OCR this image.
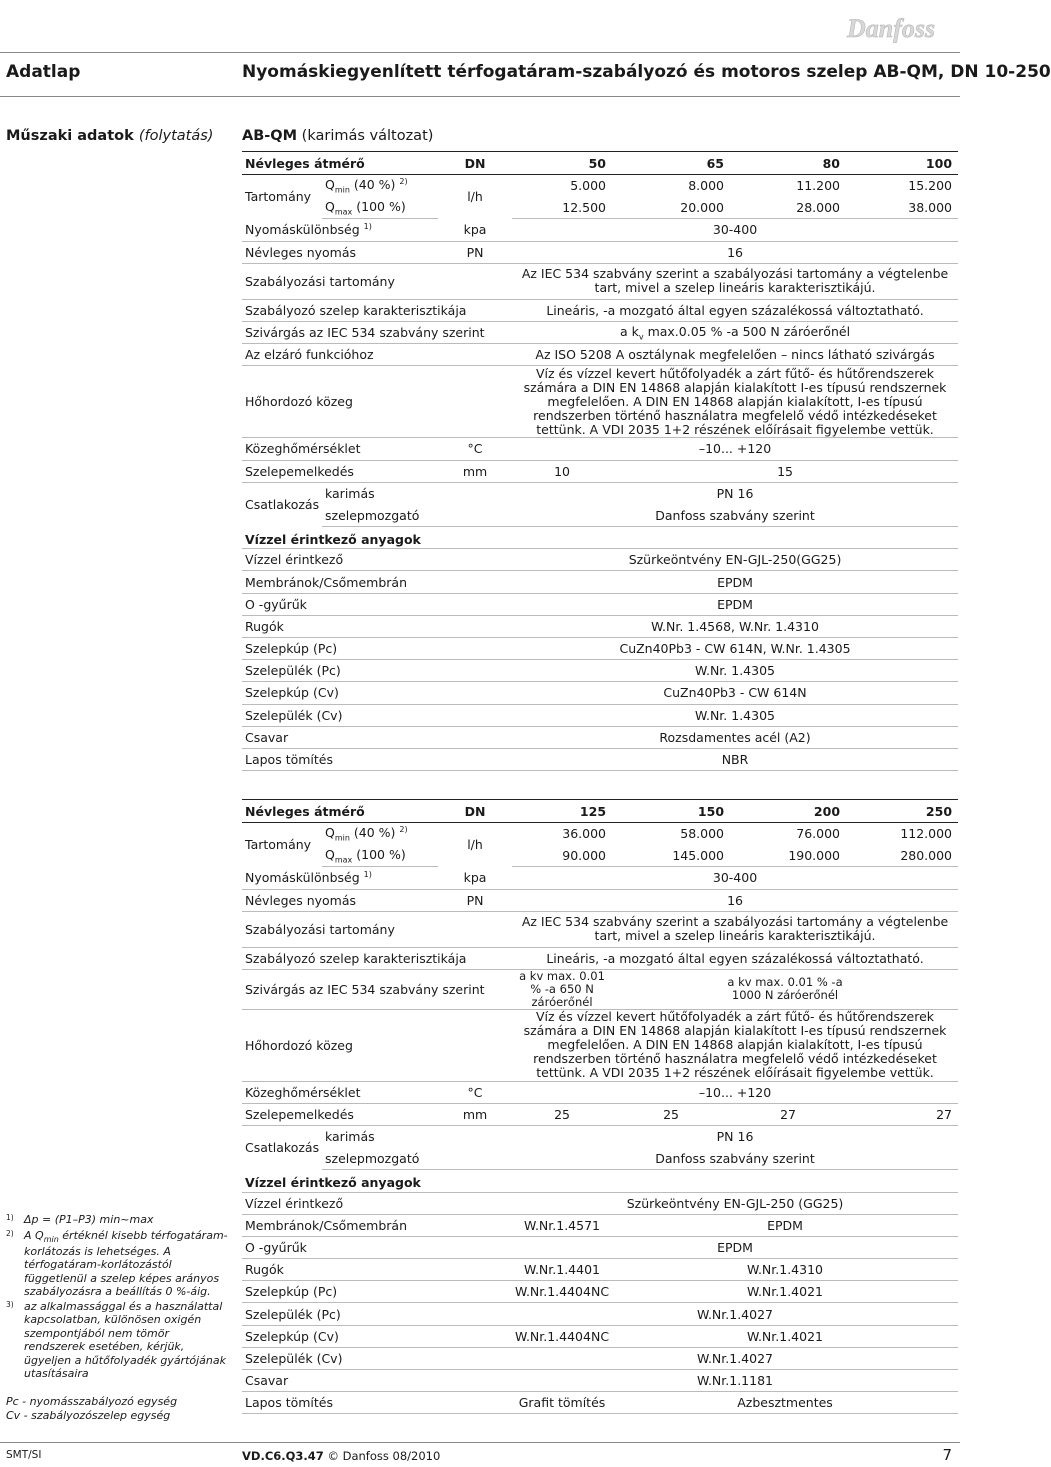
Danfoss
Adatlap	Nyomáskiegyenlített térfogatáram-szabályozó és motoros szelep AB-QM, DN 10-250
Műszaki adatok (folytatás) AB-QM (karimás változat)
Névleges átmérő		DN	50	65	80	100
Tartomány	$Q_{min}$ (40 %) $^{2)}$	l/h	5.000	8.000	11.200	15.200
	$Q_{max}$ (100 %)		12.500	20.000	28.000	38.000
Nyomáskülönbség $^{1)}$		kpa	30-400			
Névleges nyomás		PN	16			
Szabályozási tartomány			Az IEC 534 szabvány szerint a szabályozási tartomány a végtelenbe tart, mivel a szelep lineáris karakterisztikájú.			
Szabályozó szelep karakterisztikája			Lineáris, -a mozgató által egyen százalékossá változtatható.			
Szivárgás az IEC 534 szabvány szerint			a $k_v$ max.0.05 % -a 500 N záróerőnél			
Az elzáró funkcióhoz			Az ISO 5208 A osztálynak megfelelően – nincs látható szivárgás			
Hőhordozó közeg			Víz és vízzel kevert hűtőfolyadék a zárt fűtő- és hűtőrendszerek számára a DIN EN 14868 alapján kialakított I-es típusú rendszernek megfelelően. A DIN EN 14868 alapján kialakított, I-es típusú rendszerben történő használatra megfelelő védő intézkedéseket tettünk. A VDI 2035 1+2 részének előírásait figyelembe vettük.			
Közeghőmérséklet		°C	–10... +120			
Szelepemelkedés		mm	10	15		
Csatlakozás	karimás		PN 16			
	szelepmozgató		Danfoss szabvány szerint			
Vízzel érintkező anyagok						
Vízzel érintkező			Szürkeöntvény EN-GJL-250(GG25)			
Membránok/Csőmembrán			EPDM			
O -gyűrűk			EPDM			
Rugók			W.Nr. 1.4568, W.Nr. 1.4310			
Szelepkúp (Pc)			CuZn40Pb3 - CW 614N, W.Nr. 1.4305			
Szelepülék (Pc)			W.Nr. 1.4305			
Szelepkúp (Cv)			CuZn40Pb3 - CW 614N			
Szelepülék (Cv)			W.Nr. 1.4305			
Csavar			Rozsdamentes acél (A2)			
Lapos tömítés			NBR			
Névleges átmérő		DN	125	150	200	250
Tartomány	$Q_{min}$ (40 %) $^{2)}$	l/h	36.000	58.000	76.000	112.000
	$Q_{max}$ (100 %)		90.000	145.000	190.000	280.000
Nyomáskülönbség $^{1)}$		kpa	30-400			
Névleges nyomás		PN	16			
Szabályozási tartomány			Az IEC 534 szabvány szerint a szabályozási tartomány a végtelenbe tart, mivel a szelep lineáris karakterisztikájú.			
Szabályozó szelep karakterisztikája			Lineáris, -a mozgató által egyen százalékossá változtatható.			
Szivárgás az IEC 534 szabvány szerint			a kv max. 0.01 % -a 650 N záróerőnél	a kv max. 0.01 % -a 1000 N záróerőnél		
Hőhordozó közeg			Víz és vízzel kevert hűtőfolyadék a zárt fűtő- és hűtőrendszerek számára a DIN EN 14868 alapján kialakított I-es típusú rendszernek megfelelően. A DIN EN 14868 alapján kialakított, I-es típusú rendszerben történő használatra megfelelő védő intézkedéseket tettünk. A VDI 2035 1+2 részének előírásait figyelembe vettük.			
Közeghőmérséklet		°C	–10... +120			
Szelepemelkedés		mm	25	25	27	27
Csatlakozás	karimás		PN 16			
	szelepmozgató		Danfoss szabvány szerint			
Vízzel érintkező anyagok						
Vízzel érintkező			Szürkeöntvény EN-GJL-250 (GG25)			
Membránok/Csőmembrán			W.Nr.1.4571	EPDM		
O -gyűrűk			EPDM			
Rugók			W.Nr.1.4401	W.Nr.1.4310		
Szelepkúp (Pc)			W.Nr.1.4404NC	W.Nr.1.4021		
Szelepülék (Pc)			W.Nr.1.4027			
Szelepkúp (Cv)			W.Nr.1.4404NC	W.Nr.1.4021		
Szelepülék (Cv)			W.Nr.1.4027			
Csavar			W.Nr.1.1181			
Lapos tömítés			Grafit tömítés	Azbesztmentes		
1) Δp = (P1–P3) min~max
2) A $Q_{min}$ értéknél kisebb térfogatáram-korlátozás is lehetséges. A térfogatáram-korlátozástól függetlenül a szelep képes arányos szabályozásra a beállítás 0 %-áig.
3) az alkalmassággal és a használattal kapcsolatban, különösen oxigén szempontjából nem tömör rendszerek esetében, kérjük, ügyeljen a hűtőfolyadék gyártójának utasításaira
Pc - nyomásszabályozó egység
Cv - szabályozószelep egység
SMT/SI	VD.C6.Q3.47 © Danfoss 08/2010	7
